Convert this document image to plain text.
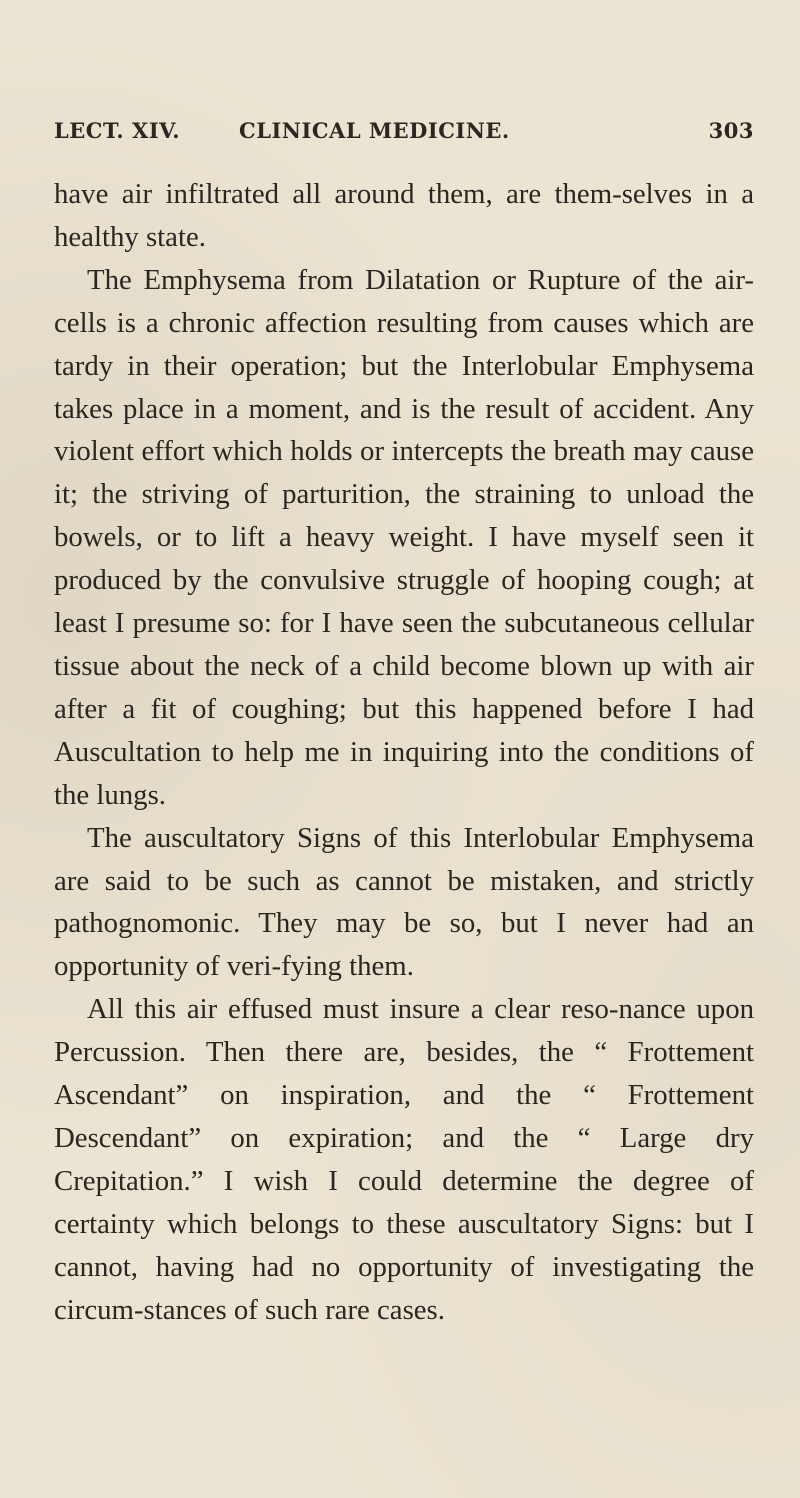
LECT. XIV.	CLINICAL MEDICINE.	303

have air infiltrated all around them, are them-selves in a healthy state.

The Emphysema from Dilatation or Rupture of the air-cells is a chronic affection resulting from causes which are tardy in their operation; but the Interlobular Emphysema takes place in a moment, and is the result of accident. Any violent effort which holds or intercepts the breath may cause it; the striving of parturition, the straining to unload the bowels, or to lift a heavy weight. I have myself seen it produced by the convulsive struggle of hooping cough; at least I presume so: for I have seen the subcutaneous cellular tissue about the neck of a child become blown up with air after a fit of coughing; but this happened before I had Auscultation to help me in inquiring into the conditions of the lungs.

The auscultatory Signs of this Interlobular Emphysema are said to be such as cannot be mistaken, and strictly pathognomonic. They may be so, but I never had an opportunity of veri-fying them.

All this air effused must insure a clear reso-nance upon Percussion. Then there are, besides, the “ Frottement Ascendant” on inspiration, and the “ Frottement Descendant” on expiration; and the “ Large dry Crepitation.” I wish I could determine the degree of certainty which belongs to these auscultatory Signs: but I cannot, having had no opportunity of investigating the circum-stances of such rare cases.
